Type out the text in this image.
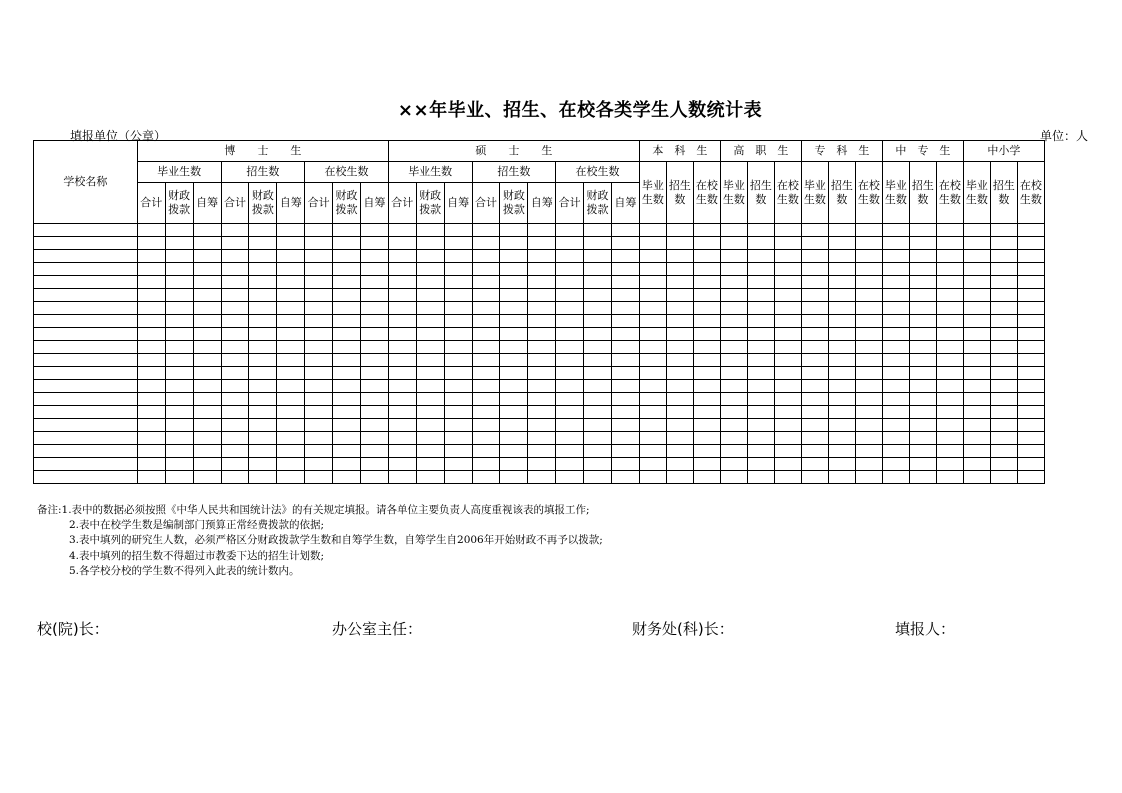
××年毕业、招生、在校各类学生人数统计表
填报单位（公章）	单位：人
学校名称	博　　士　　生									硕　　士　　生									本　科　生			高　职　生			专　科　生			中　专　生			中小学		
	毕业生数			招生数			在校生数			毕业生数			招生数			在校生数			毕业生数	招生数	在校生数	毕业生数	招生数	在校生数	毕业生数	招生数	在校生数	毕业生数	招生数	在校生数	毕业生数	招生数	在校生数
	合计	财政拨款	自筹	合计	财政拨款	自筹	合计	财政拨款	自筹	合计	财政拨款	自筹	合计	财政拨款	自筹	合计	财政拨款	自筹															

备注:1.表中的数据必须按照《中华人民共和国统计法》的有关规定填报。请各单位主要负责人高度重视该表的填报工作;
2.表中在校学生数是编制部门预算正常经费拨款的依据;
3.表中填列的研究生人数，必须严格区分财政拨款学生数和自筹学生数，自筹学生自2006年开始财政不再予以拨款;
4.表中填列的招生数不得超过市教委下达的招生计划数;
5.各学校分校的学生数不得列入此表的统计数内。
校(院)长：	办公室主任：	财务处(科)长：	填报人：
